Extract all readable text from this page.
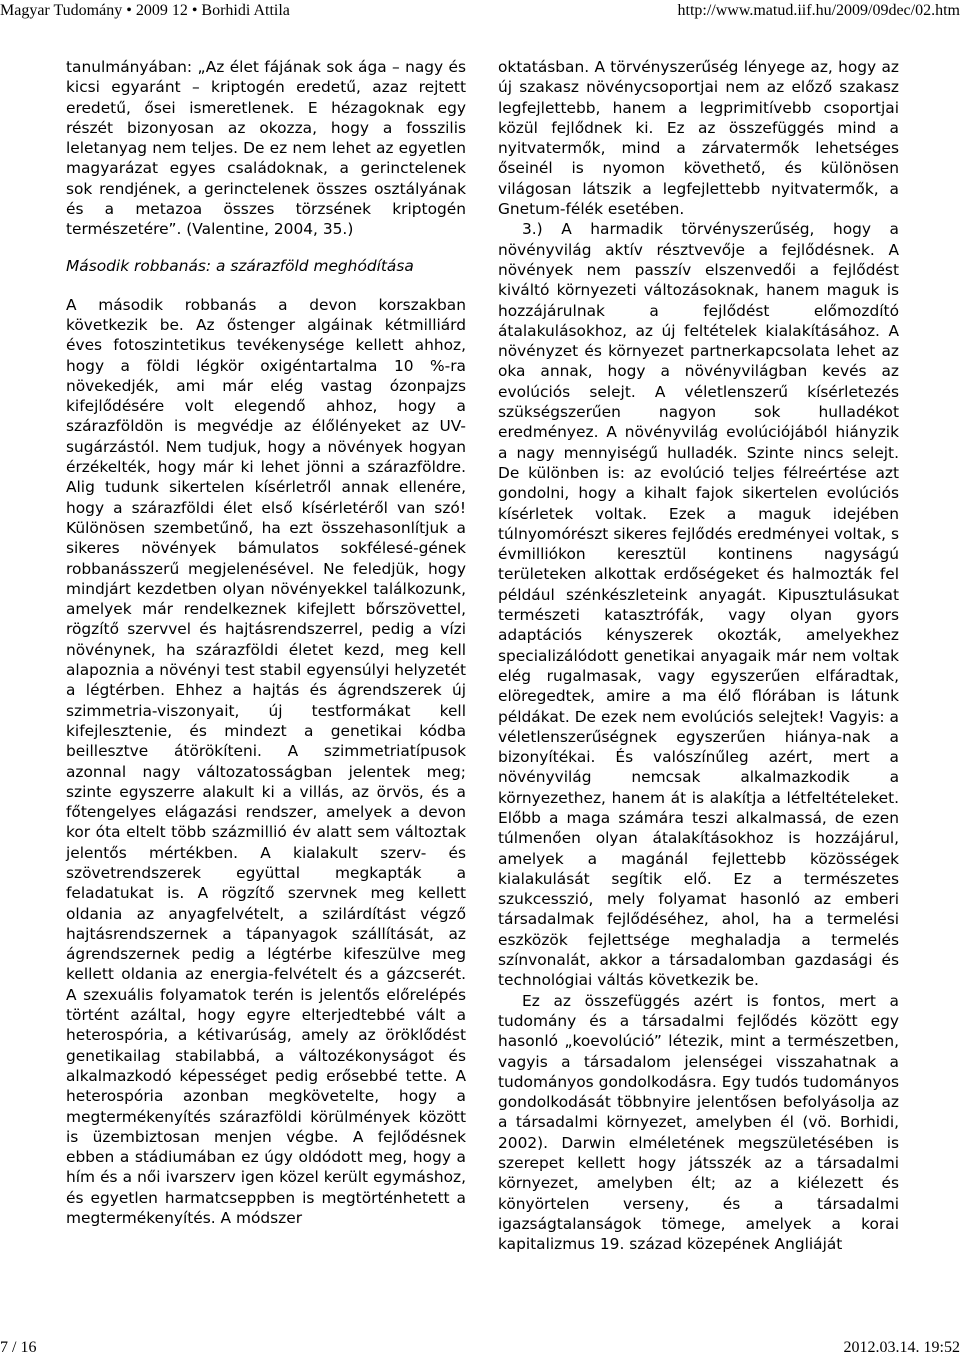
Magyar Tudomány • 2009 12 • Borhidi Attila	http://www.matud.iif.hu/2009/09dec/02.htm

tanulmányában: „Az élet fájának sok ága – nagy és kicsi egyaránt – kriptogén eredetű, azaz rejtett eredetű, ősei ismeretlenek. E hézagoknak egy részét bizonyosan az okozza, hogy a fosszilis leletanyag nem teljes. De ez nem lehet az egyetlen magyarázat egyes családoknak, a gerinctelenek sok rendjének, a gerinctelenek összes osztályának és a metazoa összes törzsének kriptogén természetére”. (Valentine, 2004, 35.)

Második robbanás: a szárazföld meghódítása

A második robbanás a devon korszakban következik be. Az őstenger algáinak kétmilliárd éves fotoszintetikus tevékenysége kellett ahhoz, hogy a földi légkör oxigéntartalma 10 %-ra növekedjék, ami már elég vastag ózonpajzs kifejlődésére volt elegendő ahhoz, hogy a szárazföldön is megvédje az élőlényeket az UV-sugárzástól. Nem tudjuk, hogy a növények hogyan érzékelték, hogy már ki lehet jönni a szárazföldre. Alig tudunk sikertelen kísérletről annak ellenére, hogy a szárazföldi élet első kísérletéről van szó! Különösen szembetűnő, ha ezt összehasonlítjuk a sikeres növények bámulatos sokfélesé-gének robbanásszerű megjelenésével. Ne feledjük, hogy mindjárt kezdetben olyan növényekkel találkozunk, amelyek már rendelkeznek kifejlett bőrszövettel, rögzítő szervvel és hajtásrendszerrel, pedig a vízi növénynek, ha szárazföldi életet kezd, meg kell alapoznia a növényi test stabil egyensúlyi helyzetét a légtérben. Ehhez a hajtás és ágrendszerek új szimmetria-viszonyait, új testformákat kell kifejlesztenie, és mindezt a genetikai kódba beillesztve átörökíteni. A szimmetriatípusok azonnal nagy változatosságban jelentek meg; szinte egyszerre alakult ki a villás, az örvös, és a főtengelyes elágazási rendszer, amelyek a devon kor óta eltelt több százmillió év alatt sem változtak jelentős mértékben. A kialakult szerv- és szövetrendszerek együttal megkapták a feladatukat is. A rögzítő szervnek meg kellett oldania az anyagfelvételt, a szilárdítást végző hajtásrendszernek a tápanyagok szállítását, az ágrendszernek pedig a légtérbe kifeszülve meg kellett oldania az energia-felvételt és a gázcserét. A szexuális folyamatok terén is jelentős előrelépés történt azáltal, hogy egyre elterjedtebbé vált a heterospória, a kétivarúság, amely az öröklődést genetikailag stabilabbá, a változékonyságot és alkalmazkodó képességet pedig erősebbé tette. A heterospória azonban megkövetelte, hogy a megtermékenyítés szárazföldi körülmények között is üzembiztosan menjen végbe. A fejlődésnek ebben a stádiumában ez úgy oldódott meg, hogy a hím és a női ivarszerv igen közel került egymáshoz, és egyetlen harmatcseppben is megtörténhetett a megtermékenyítés. A módszer

oktatásban. A törvényszerűség lényege az, hogy az új szakasz növénycsoportjai nem az előző szakasz legfejlettebb, hanem a legprimitívebb csoportjai közül fejlődnek ki. Ez az összefüggés mind a nyitvatermők, mind a zárvatermők lehetséges őseinél is nyomon követhető, és különösen világosan látszik a legfejlettebb nyitvatermők, a Gnetum-félék esetében.

3.) A harmadik törvényszerűség, hogy a növényvilág aktív résztvevője a fejlődésnek. A növények nem passzív elszenvedői a fejlődést kiváltó környezeti változásoknak, hanem maguk is hozzájárulnak a fejlődést előmozdító átalakulásokhoz, az új feltételek kialakításához. A növényzet és környezet partnerkapcsolata lehet az oka annak, hogy a növényvilágban kevés az evolúciós selejt. A véletlenszerű kísérletezés szükségszerűen nagyon sok hulladékot eredményez. A növényvilág evolúciójából hiányzik a nagy mennyiségű hulladék. Szinte nincs selejt. De különben is: az evolúció teljes félreértése azt gondolni, hogy a kihalt fajok sikertelen evolúciós kísérletek voltak. Ezek a maguk idejében túlnyomórészt sikeres fejlődés eredményei voltak, s évmilliókon keresztül kontinens nagyságú területeken alkottak erdőségeket és halmozták fel például szénkészleteink anyagát. Kipusztulásukat természeti katasztrófák, vagy olyan gyors adaptációs kényszerek okozták, amelyekhez specializálódott genetikai anyagaik már nem voltak elég rugalmasak, vagy egyszerűen elfáradtak, elöregedtek, amire a ma élő flórában is látunk példákat. De ezek nem evolúciós selejtek! Vagyis: a véletlenszerűségnek egyszerűen hiánya-nak a bizonyítékai. És valószínűleg azért, mert a növényvilág nemcsak alkalmazkodik a környezethez, hanem át is alakítja a létfeltételeket. Előbb a maga számára teszi alkalmassá, de ezen túlmenően olyan átalakításokhoz is hozzájárul, amelyek a magánál fejlettebb közösségek kialakulását segítik elő. Ez a természetes szukcesszió, mely folyamat hasonló az emberi társadalmak fejlődéséhez, ahol, ha a termelési eszközök fejlettsége meghaladja a termelés színvonalát, akkor a társadalomban gazdasági és technológiai váltás következik be.

Ez az összefüggés azért is fontos, mert a tudomány és a társadalmi fejlődés között egy hasonló „koevolúció” létezik, mint a természetben, vagyis a társadalom jelenségei visszahatnak a tudományos gondolkodásra. Egy tudós tudományos gondolkodását többnyire jelentősen befolyásolja az a társadalmi környezet, amelyben él (vö. Borhidi, 2002). Darwin elméletének megszületésében is szerepet kellett hogy játsszék az a társadalmi környezet, amelyben élt; az a kiélezett és könyörtelen verseny, és a társadalmi igazságtalanságok tömege, amelyek a korai kapitalizmus 19. század közepének Angliáját

7 / 16	2012.03.14. 19:52
